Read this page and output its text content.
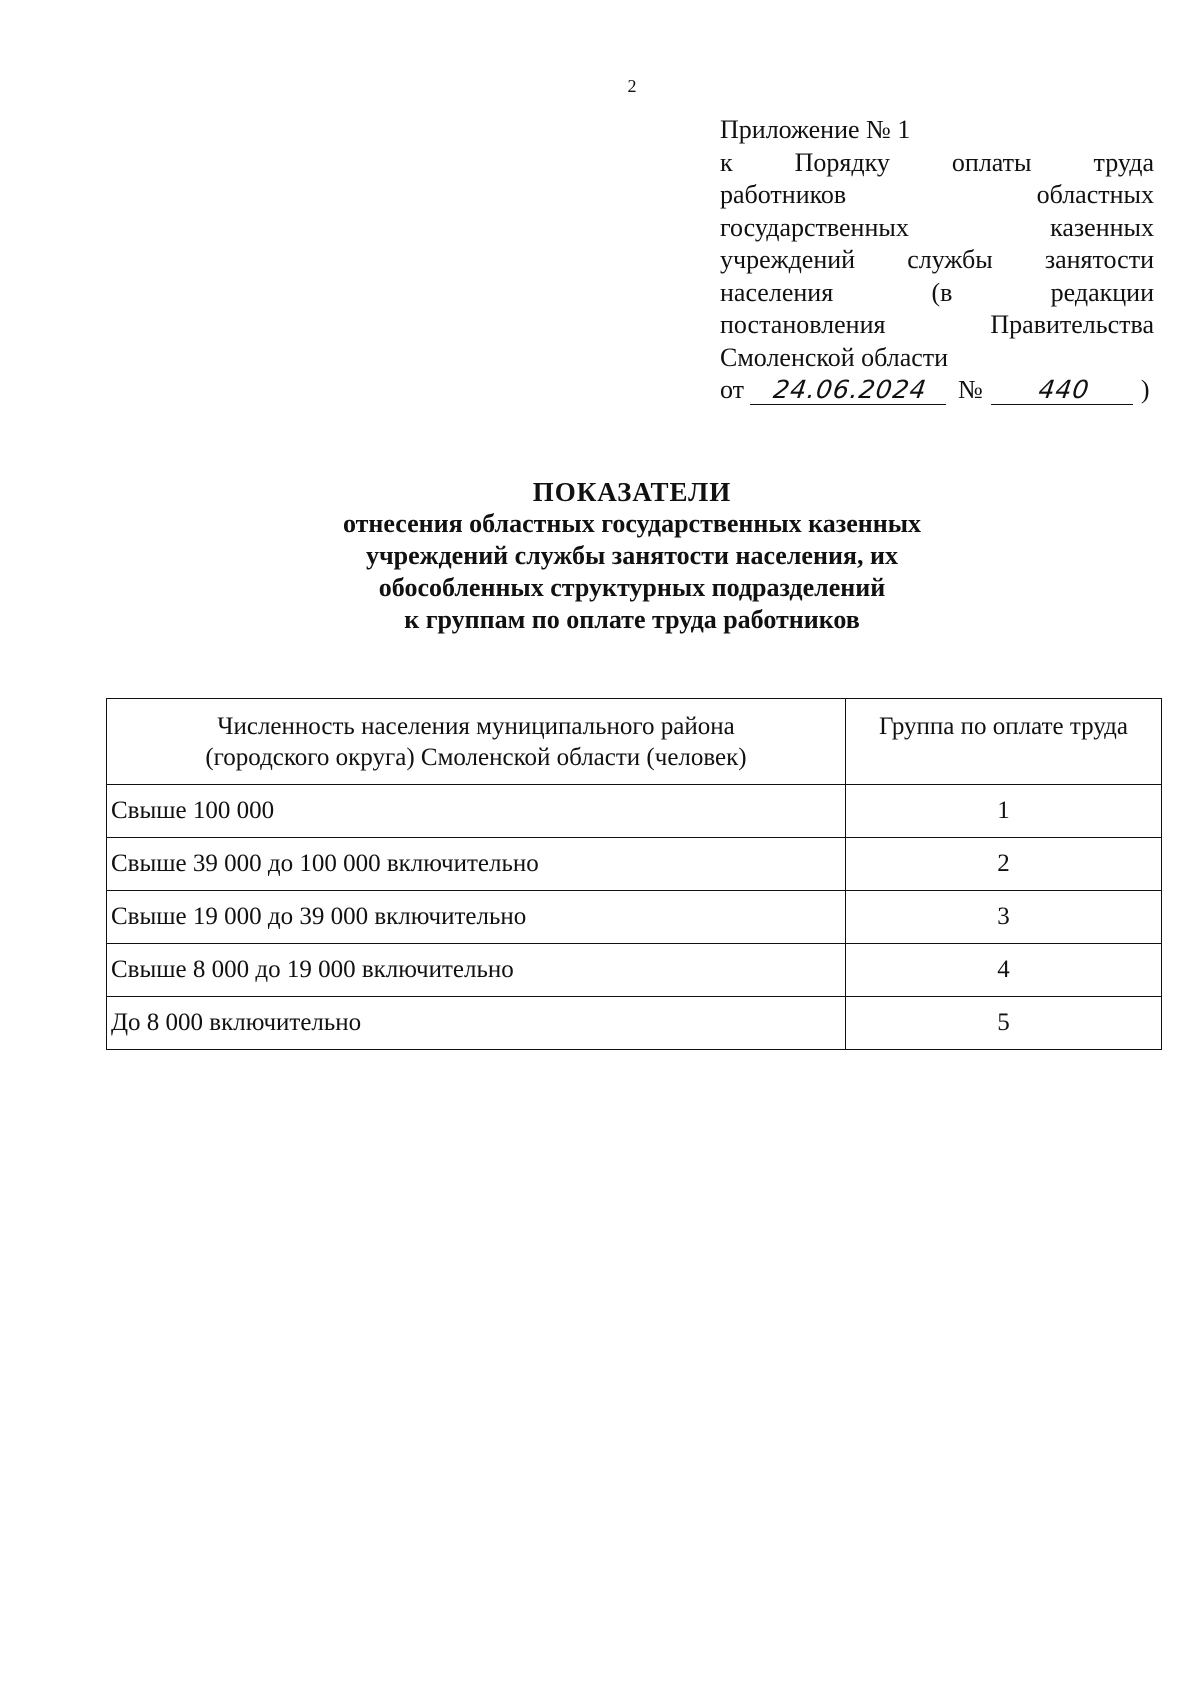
2
Приложение № 1
к Порядку оплаты труда
работников	областных
государственных	казенных
учреждений службы занятости
населения	(в	редакции
постановления	Правительства
Смоленской области
от	24.06.2024	№	440	)
ПОКАЗАТЕЛИ
отнесения областных государственных казенных
учреждений службы занятости населения, их
обособленных структурных подразделений
к группам по оплате труда работников
Численность населения муниципального района
(городского округа) Смоленской области (человек)	Группа по оплате труда

Свыше 100 000	1
Свыше 39 000 до 100 000 включительно	2
Свыше 19 000 до 39 000 включительно	3
Свыше 8 000 до 19 000 включительно	4
До 8 000 включительно	5
